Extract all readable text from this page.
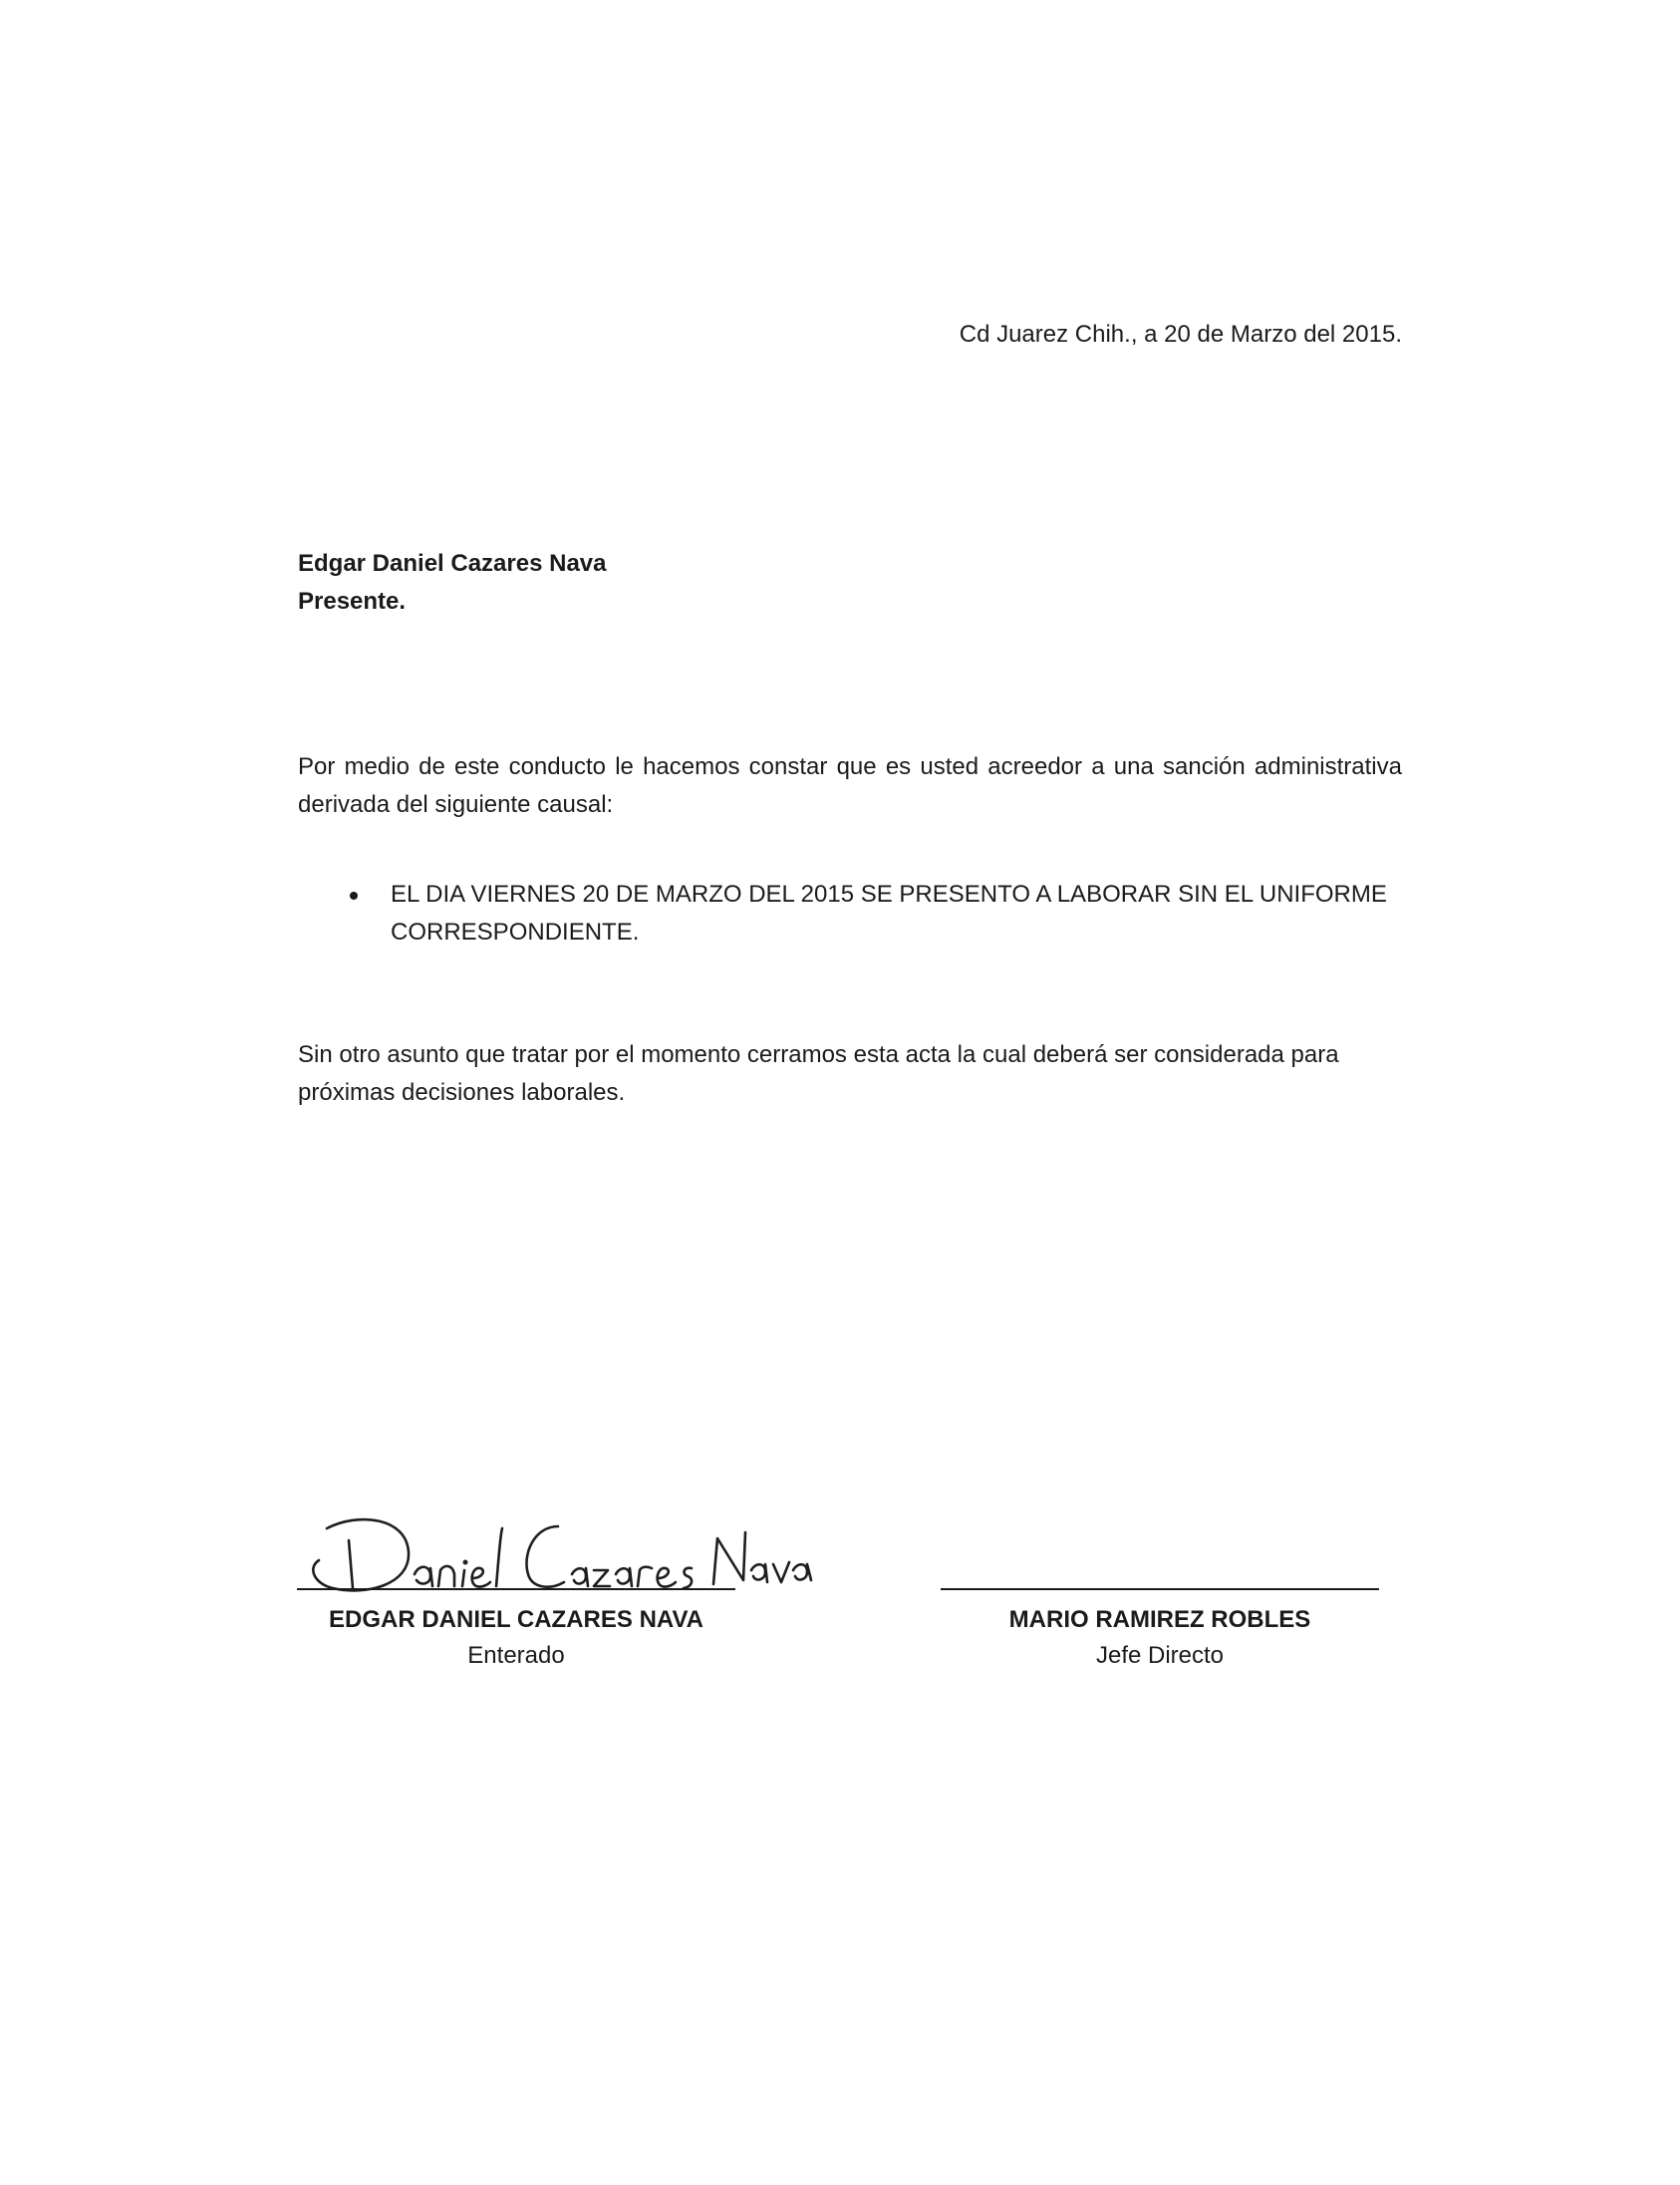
Cd Juarez Chih., a 20 de Marzo del 2015.
Edgar Daniel Cazares Nava
Presente.
Por medio de este conducto le hacemos constar que es usted acreedor a una sanción administrativa derivada del siguiente causal:
EL DIA VIERNES 20 DE MARZO DEL 2015 SE PRESENTO A LABORAR SIN EL UNIFORME CORRESPONDIENTE.
Sin otro asunto que tratar por el momento cerramos esta acta la cual deberá ser considerada para próximas decisiones laborales.
EDGAR DANIEL CAZARES NAVA
Enterado
MARIO RAMIREZ ROBLES
Jefe Directo
